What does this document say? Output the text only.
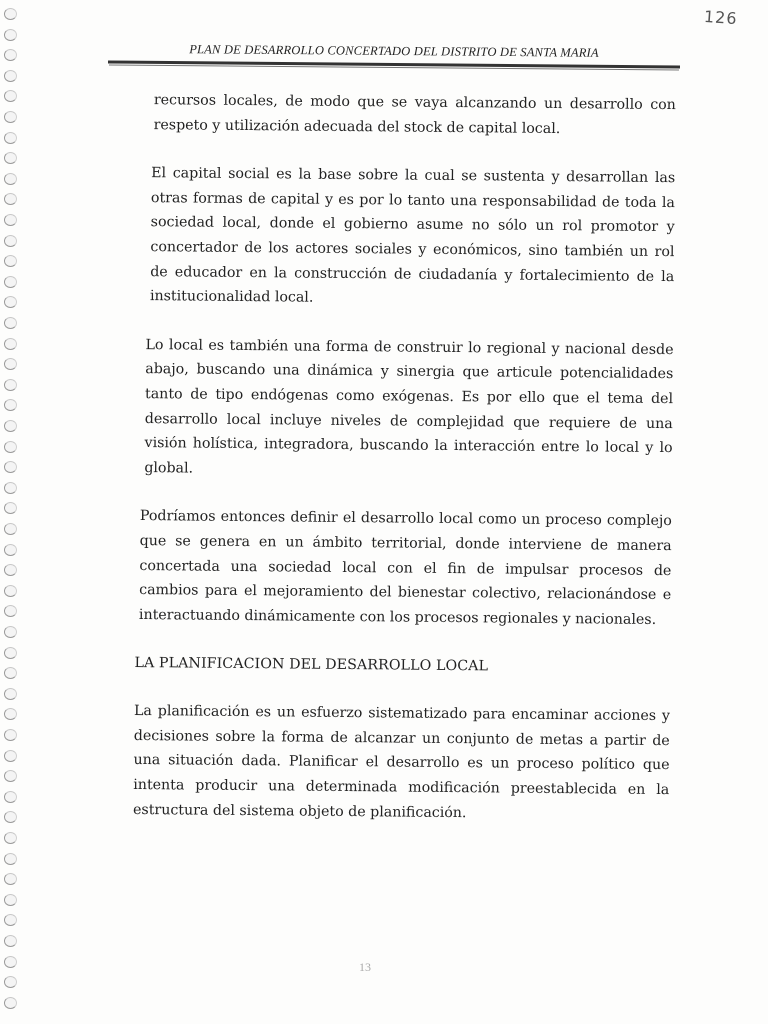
126
PLAN DE DESARROLLO CONCERTADO DEL DISTRITO DE SANTA MARIA

recursos locales, de modo que se vaya alcanzando un desarrollo con respeto y utilización adecuada del stock de capital local.

El capital social es la base sobre la cual se sustenta y desarrollan las otras formas de capital y es por lo tanto una responsabilidad de toda la sociedad local, donde el gobierno asume no sólo un rol promotor y concertador de los actores sociales y económicos, sino también un rol de educador en la construcción de ciudadanía y fortalecimiento de la institucionalidad local.

Lo local es también una forma de construir lo regional y nacional desde abajo, buscando una dinámica y sinergia que articule potencialidades tanto de tipo endógenas como exógenas. Es por ello que el tema del desarrollo local incluye niveles de complejidad que requiere de una visión holística, integradora, buscando la interacción entre lo local y lo global.

Podríamos entonces definir el desarrollo local como un proceso complejo que se genera en un ámbito territorial, donde interviene de manera concertada una sociedad local con el fin de impulsar procesos de cambios para el mejoramiento del bienestar colectivo, relacionándose e interactuando dinámicamente con los procesos regionales y nacionales.

LA PLANIFICACION DEL DESARROLLO LOCAL

La planificación es un esfuerzo sistematizado para encaminar acciones y decisiones sobre la forma de alcanzar un conjunto de metas a partir de una situación dada. Planificar el desarrollo es un proceso político que intenta producir una determinada modificación preestablecida en la estructura del sistema objeto de planificación.

13
